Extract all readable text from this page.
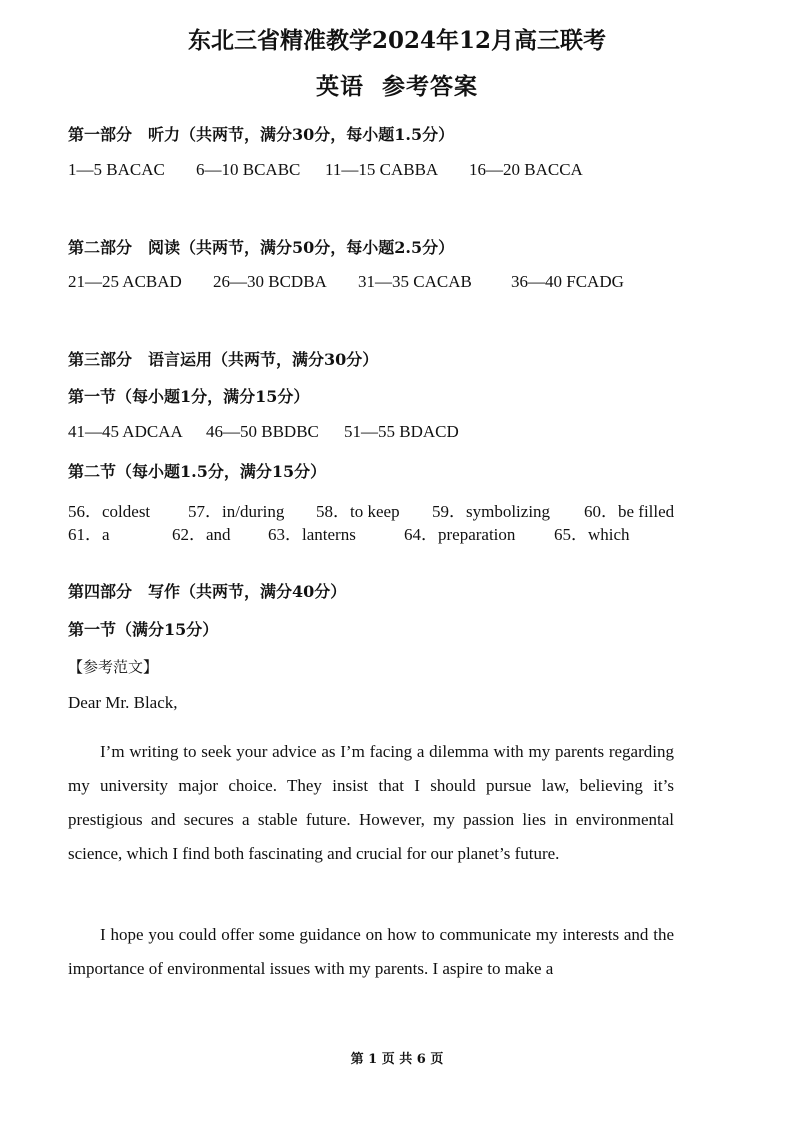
东北三省精准教学2024年12月高三联考
英语  参考答案
第一部分　听力（共两节，满分30分，每小题1.5分）
1—5 BACAC 6—10 BCABC 11—15 CABBA 16—20 BACCA
第二部分　阅读（共两节，满分50分，每小题2.5分）
21—25 ACBAD 26—30 BCDBA 31—35 CACAB 36—40 FCADG
第三部分　语言运用（共两节，满分30分）
第一节（每小题1分，满分15分）
41—45 ADCAA 46—50 BBDBC 51—55 BDACD
第二节（每小题1.5分，满分15分）
56．coldest 57．in/during 58．to keep 59．symbolizing 60．be filled
61．a	62．and 63．lanterns	64．preparation 65．which
第四部分　写作（共两节，满分40分）
第一节（满分15分）
【参考范文】
Dear Mr. Black,
I’m writing to seek your advice as I’m facing a dilemma with my parents regarding my university major choice. They insist that I should pursue law, believing it’s prestigious and secures a stable future. However, my passion lies in environmental science, which I find both fascinating and crucial for our planet’s future.
I hope you could offer some guidance on how to communicate my interests and the importance of environmental issues with my parents. I aspire to make a
第 1 页 共 6 页
